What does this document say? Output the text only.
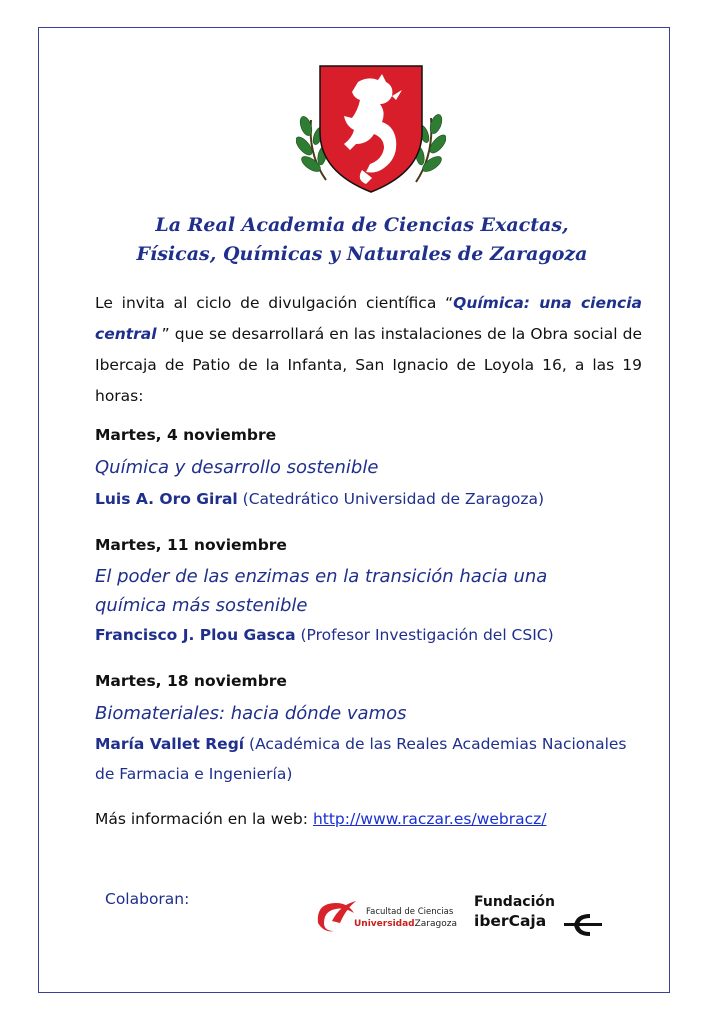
La Real Academia de Ciencias Exactas,
Físicas, Químicas y Naturales de Zaragoza
Le invita al ciclo de divulgación científica “Química: una ciencia central ” que se desarrollará en las instalaciones de la Obra social de Ibercaja de Patio de la Infanta, San Ignacio de Loyola 16, a las 19 horas:
Martes, 4 noviembre
Química y desarrollo sostenible
Luis A. Oro Giral (Catedrático Universidad de Zaragoza)
Martes, 11 noviembre
El poder de las enzimas en la transición hacia una química más sostenible
Francisco J. Plou Gasca (Profesor Investigación del CSIC)
Martes, 18 noviembre
Biomateriales: hacia dónde vamos
María Vallet Regí (Académica de las Reales Academias Nacionales de Farmacia e Ingeniería)
Más información en la web: http://www.raczar.es/webracz/
Colaboran:
Facultad de Ciencias
UniversidadZaragoza
Fundación
iberCaja
